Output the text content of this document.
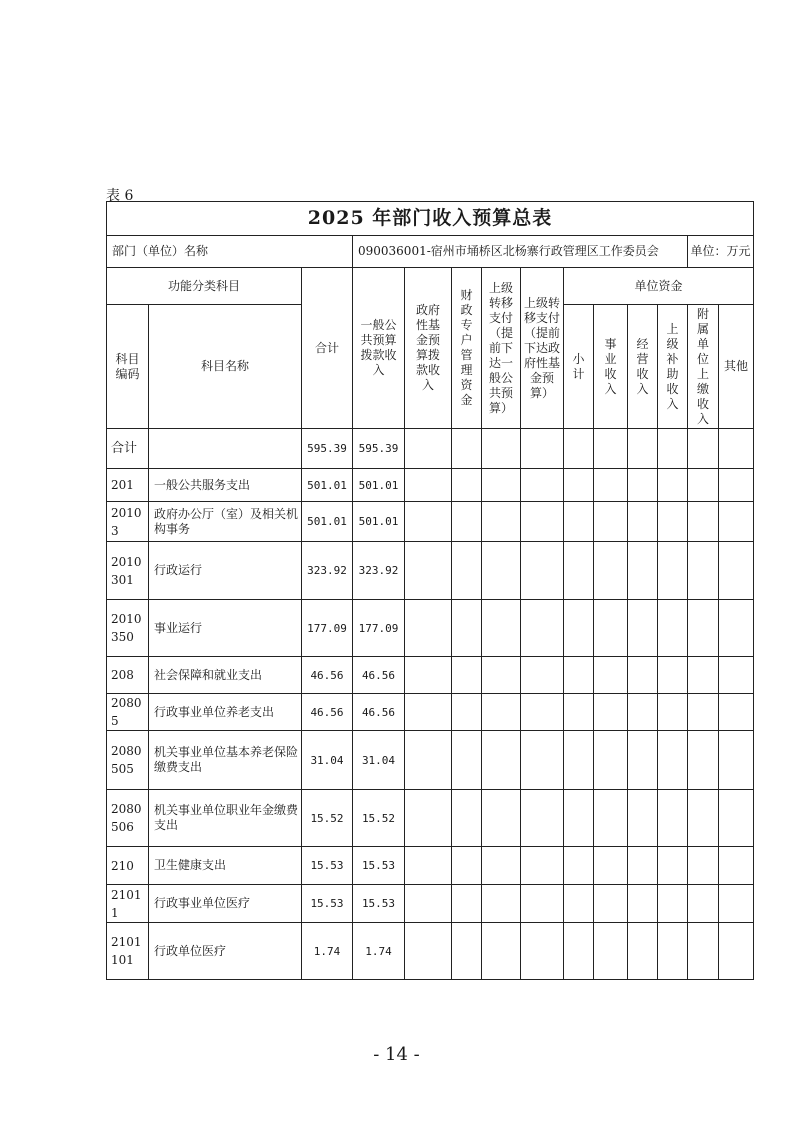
表 6
2025 年部门收入预算总表													
部门（单位）名称			090036001-宿州市埇桥区北杨寨行政管理区工作委员会									单位：万元	
功能分类科目		合计	一般公共预算拨款收入	政府性基金预算拨款收入	财政专户管理资金	上级转移支付（提前下达一般公共预算）	上级转移支付（提前下达政府性基金预算）	单位资金					
科目编码	科目名称							小计	事业收入	经营收入	上级补助收入	附属单位上缴收入	其他

合计		595.39	595.39										

201	一般公共服务支出	501.01	501.01										

20103	政府办公厅（室）及相关机构事务	501.01	501.01										

2010301	行政运行	323.92	323.92										

2010350	事业运行	177.09	177.09										

208	社会保障和就业支出	46.56	46.56										

20805	行政事业单位养老支出	46.56	46.56										

2080505	机关事业单位基本养老保险缴费支出	31.04	31.04										

2080506	机关事业单位职业年金缴费支出	15.52	15.52										

210	卫生健康支出	15.53	15.53										

21011	行政事业单位医疗	15.53	15.53										

2101101	行政单位医疗	1.74	1.74										
- 14 -
